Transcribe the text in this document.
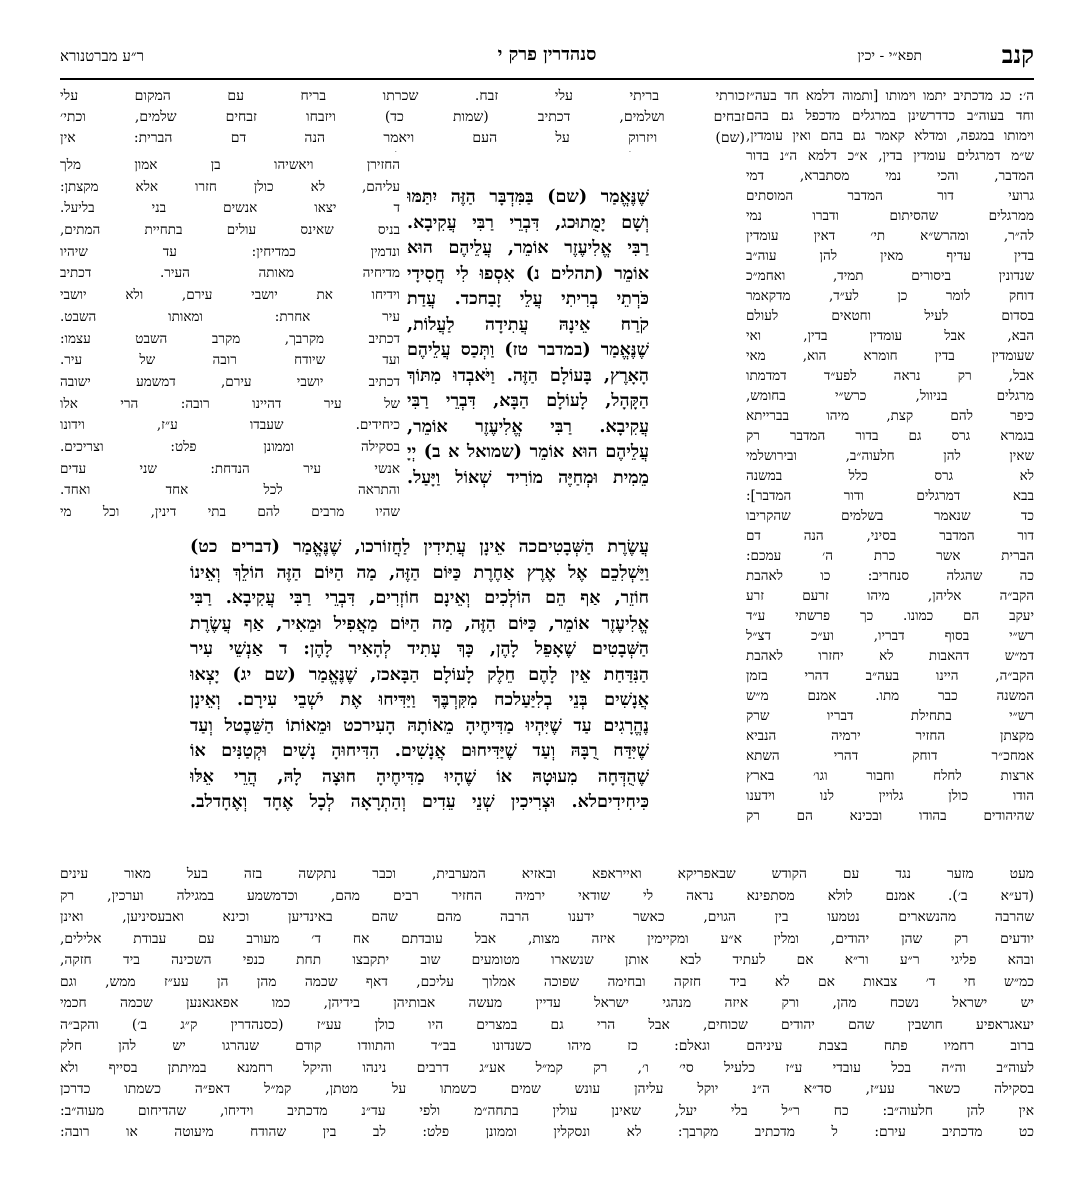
קנב
תפא״י - יכין
סנהדרין פרק י
ר״ע מברטנורא
ה׳: כג מדכתיב יתמו וימותו [ותמוה דלמא חד בעה״ז
וחד בעוה״ב כדדרשינן במרגלים מדכפל גם בהם
וימותו במגפה, ומדלא קאמר גם בהם ואין עומדין,
ש״מ דמרגלים עומדין בדין, א״כ דלמא ה״נ בדור
המדבר, והכי נמי מסתברא, דמי
גרועי דור המדבר המוסתים
ממרגלים שהסיתום ודברו נמי
לה״ר, ומהרש״א תי׳ דאין עומדין
בדין עדיף מאין להן עוה״ב
שנדונין ביסורים תמיד, ואחמ״כ
דוחק לומר כן לע״ד, מדקאמר
בסדום לעיל וחטאים לעולם
הבא, אבל עומדין בדין, ואי
שעומדין בדין חומרא הוא, מאי
אבל, רק נראה לפע״ד דמדמתו
מרגלים בניוול, כרש״י בחומש,
כיפר להם קצת, מיהו בברייתא
בגמרא גרס גם בדור המדבר רק
שאין להן חלעוה״ב, ובירושלמי
לא גרס כלל במשנה
בבא דמרגלים ודור המדבר]:
כד שנאמר בשלמים שהקריבו
דור המדבר בסיני, הנה דם
הברית אשר כרת ה׳ עמכם:
כה שהגלה סנחריב: כו לאהבת
הקב״ה אליהן, מיהו זרעם זרע
יעקב הם כמונו. כך פרשתי ע״ד
רש״י בסוף דבריו, וע״כ דצ״ל
דמ״ש דהאבות לא יחזרו לאהבת
הקב״ה, היינו בעה״ב דהרי בזמן
המשנה כבר מתו. אמנם מ״ש
רש״י בתחילת דבריו שרק
מקצתן החזיר ירמיה הנביא
אמחכ״ר דוחק דהרי השתא
ארצות לחלח וחבור וגו׳ בארץ
הודו כולן גלויין לנו וידענו
שהיהודים בהודו ובכינא הם רק
כורתי בריתי עלי זבח. שכרתו בריח עם המקום עלי
זבחים ושלמים, דכתיב (שמות כד) ויזבחו זבחים שלמים, וכתי׳
(שם) ויזרוק על העם ויאמר הנה דם הברית: אין
החזירן ויאשיהו בן אמון מלך
עליהם, לא כולן חזרו אלא מקצתן:
ד יצאו אנשים בני בליעל.
בניס שאינס עולים בתחיית המתים,
ונדמין כמדיחין: עד שיהיו
מדיחיה מאותה העיר. דכתיב
וידיחו את יושבי עירם, ולא יושבי
עיר אחרת: ומאותו השבט.
דכתיב מקרבך, מקרב השבט עצמו:
ועד שיודח רובה של עיר.
דכתיב יושבי עירם, דמשמע ישובה
של עיר דהיינו רובה: הרי אלו
כיחידים. שעבדו ע״ז, וידונו
בסקילה וממונן פלט: וצריכים.
אנשי עיר הנדחת: שני עדים
והתראה לכל אחד ואחד.
שהיו מרבים להם בתי דינין, וכל מי
שֶׁנֶּאֱמַר (שם) בַּמִּדְבָּר הַזֶּה יִתַּמּוּ
וְשָׁם יָמֻתוּכג, דִּבְרֵי רַבִּי עֲקִיבָא.
רַבִּי אֱלִיעֶזֶר אוֹמֵר, עֲלֵיהֶם הוּא
אוֹמֵר (תהלים נ) אִסְפוּ לִי חֲסִידָי
כֹּרְתֵי בְרִיתִי עֲלֵי זָבַחכד. עֲדַת
קֹרַח אֵינָהּ עֲתִידָה לַעֲלוֹת,
שֶׁנֶּאֱמַר (במדבר טז) וַתְּכַס עֲלֵיהֶם
הָאָרֶץ, בָּעוֹלָם הַזֶּה. וַיֹּאבְדוּ מִתּוֹךְ
הַקָּהָל, לָעוֹלָם הַבָּא, דִּבְרֵי רַבִּי
עֲקִיבָא. רַבִּי אֱלִיעֶזֶר אוֹמֵר,
עֲלֵיהֶם הוּא אוֹמֵר (שמואל א ב) יְיָ
מֵמִית וּמְחַיֶּה מוֹרִיד שְׁאוֹל וַיָּעַל.
עֲשֶׂרֶת הַשְּׁבָטִיםכה אֵינָן עֲתִידִין לַחֲזוֹרכו, שֶׁנֶּאֱמַר (דברים כט)
וַיַּשְׁלִכֵם אֶל אֶרֶץ אַחֶרֶת כַּיּוֹם הַזֶּה, מַה הַיּוֹם הַזֶּה הוֹלֵךְ וְאֵינוֹ
חוֹזֵר, אַף הֵם הוֹלְכִים וְאֵינָם חוֹזְרִים, דִּבְרֵי רַבִּי עֲקִיבָא. רַבִּי
אֱלִיעֶזֶר אוֹמֵר, כַּיּוֹם הַזֶּה, מַה הַיּוֹם מַאֲפִיל וּמֵאִיר, אַף עֲשֶׂרֶת
הַשְּׁבָטִים שֶׁאָפֵל לָהֶן, כָּךְ עָתִיד לְהָאִיר לָהֶן: ד אַנְשֵׁי עִיר
הַנִּדַּחַת אֵין לָהֶם חֵלֶק לָעוֹלָם הַבָּאכז, שֶׁנֶּאֱמַר (שם יג) יָצְאוּ
אֲנָשִׁים בְּנֵי בְלִיַּעַלכח מִקִּרְבֶּךָ וַיַּדִּיחוּ אֶת יֹשְׁבֵי עִירָם. וְאֵינָן
נֶהֱרָגִים עַד שֶׁיִּהְיוּ מַדִּיחֶיהָ מֵאוֹתָהּ הָעִירכט וּמֵאוֹתוֹ הַשֵּׁבֶטל וְעַד
שֶׁיִּדַּח רֻבָּהּ וְעַד שֶׁיַּדִּיחוּם אֲנָשִׁים. הִדִּיחוּהָ נָשִׁים וּקְטַנִּים אוֹ
שֶׁהֻדְּחָה מִעוּטָהּ אוֹ שֶׁהָיוּ מַדִּיחֶיהָ חוּצָה לָהּ, הֲרֵי אֵלּוּ
כִּיחִידִיםלא. וּצְרִיכִין שְׁנֵי עֵדִים וְהַתְרָאָה לְכָל אֶחָד וְאֶחָדלב.
מעט מזער נגד עם הקודש שבאפריקא ואייראפא ובאזיא המערבית, וכבר נתקשה בזה בעל מאור עינים
(דע״א ב׳). אמנם לולא מסתפינא נראה לי שודאי ירמיה החזיר רבים מהם, וכדמשמע במגילה וערכין, רק
שהרבה מהנשארים נטמעו בין הגוים, כאשר ידענו הרבה מהם שהם באינדיען וכינא ואבעסיניען, ואינן
יודעים רק שהן יהודים, ומלין א״ע ומקיימין איזה מצות, אבל עובדתם אח ד׳ מעורב עם עבודת אלילים,
ובהא פליגי ר״ע ור״א אם לעתיד לבא אותן שנשארו מטומעים שוב יתקבצו תחת כנפי השכינה ביד חזקה,
כמ״ש חי ד׳ צבאות אם לא ביד חזקה ובחימה שפוכה אמלוך עליכם, דאף שכמה מהן הן עע״ז ממש, וגם
יש ישראל נשכח מהן, ורק איזה מנהגי ישראל עדיין מעשה אבותיהן בידיהן, כמו אפאגאנען שכמה חכמי
יעאגראפיע חושבין שהם יהודים שכוחים, אבל הרי גם במצרים היו כולן עע״ז (כסנהדרין ק״ג ב׳) והקב״ה
ברוב רחמיו פתח בצבת עיניהם וגאלם: כז מיהו כשנדונו בב״ד והתוודו קודם שנהרגו יש להן חלק
לעוה״ב וה״ה בכל עובדי ע״ז כלעיל סי׳ ו׳, רק קמ״ל אע״ג דרבים נינהו והיקל רחמנא במיתתן בסייף ולא
בסקילה כשאר עע״ז, סד״א ה״נ יוקל עליהן עונש שמים כשמתו על מטתן, קמ״ל דאפ״ה כשמתו כדרכן
אין להן חלעוה״ב: כח ר״ל בלי יעל, שאינן עולין בתחה״מ ולפי עד״נ מדכתיב וידיחו, שהדיחום מעוה״ב:
כט מדכתיב עירם: ל מדכתיב מקרבך: לא ונסקלין וממונן פלט: לב בין שהודח מיעוטה או רובה:
